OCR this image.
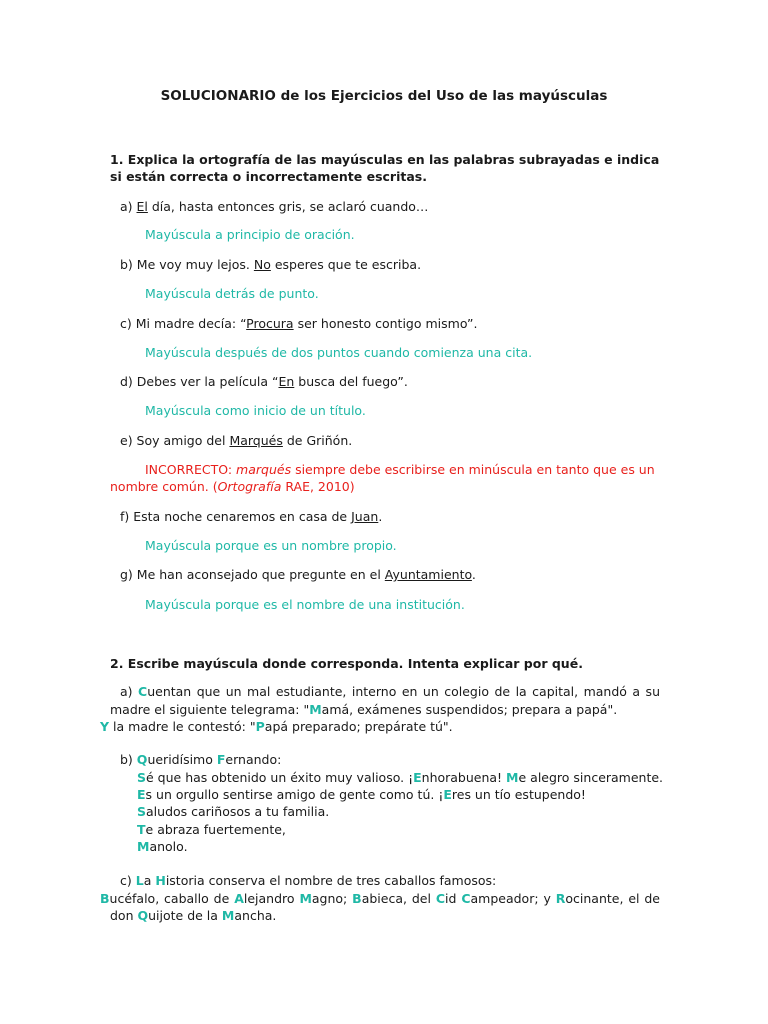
SOLUCIONARIO de los Ejercicios del Uso de las mayúsculas
1. Explica la ortografía de las mayúsculas en las palabras subrayadas e indica si están correcta o incorrectamente escritas.
a) El día, hasta entonces gris, se aclaró cuando…
Mayúscula a principio de oración.
b) Me voy muy lejos. No esperes que te escriba.
Mayúscula detrás de punto.
c) Mi madre decía: “Procura ser honesto contigo mismo”.
Mayúscula después de dos puntos cuando comienza una cita.
d) Debes ver la película “En busca del fuego”.
Mayúscula como inicio de un título.
e) Soy amigo del Marqués de Griñón.
INCORRECTO: marqués siempre debe escribirse en minúscula en tanto que es un nombre común. (Ortografía RAE, 2010)
f) Esta noche cenaremos en casa de Juan.
Mayúscula porque es un nombre propio.
g) Me han aconsejado que pregunte en el Ayuntamiento.
Mayúscula porque es el nombre de una institución.
2. Escribe mayúscula donde corresponda. Intenta explicar por qué.
a) Cuentan que un mal estudiante, interno en un colegio de la capital, mandó a su madre el siguiente telegrama: "Mamá, exámenes suspendidos; prepara a papá".
Y la madre le contestó: "Papá preparado; prepárate tú".
b) Queridísimo Fernando:
Sé que has obtenido un éxito muy valioso. ¡Enhorabuena! Me alegro sinceramente.
Es un orgullo sentirse amigo de gente como tú. ¡Eres un tío estupendo!
Saludos cariñosos a tu familia.
Te abraza fuertemente,
Manolo.
c) La Historia conserva el nombre de tres caballos famosos:
Bucéfalo, caballo de Alejandro Magno; Babieca, del Cid Campeador; y Rocinante, el de don Quijote de la Mancha.
